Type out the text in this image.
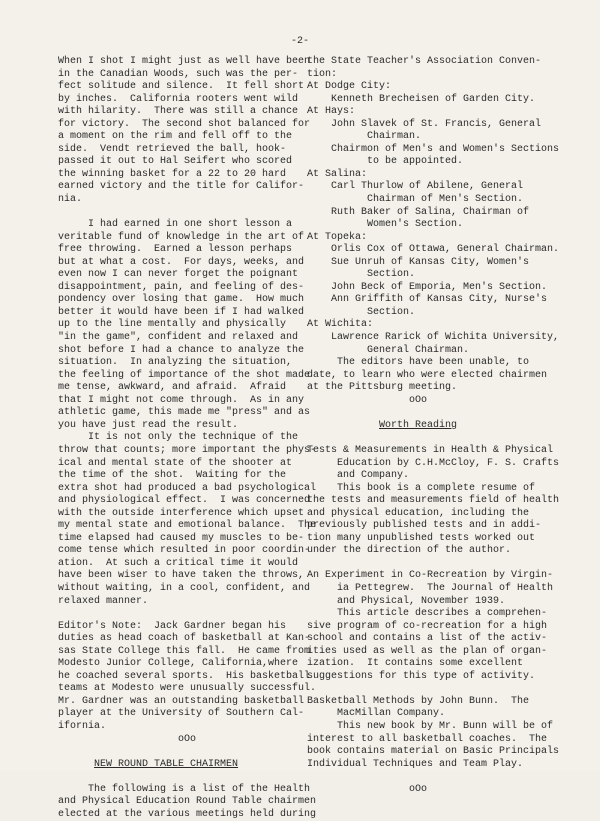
-2-
When I shot I might just as well have been
in the Canadian Woods, such was the per-
fect solitude and silence.  It fell short
by inches.  California rooters went wild
with hilarity.  There was still a chance
for victory.  The second shot balanced for
a moment on the rim and fell off to the
side.  Vendt retrieved the ball, hook-
passed it out to Hal Seifert who scored
the winning basket for a 22 to 20 hard
earned victory and the title for Califor-
nia.
I had earned in one short lesson a
veritable fund of knowledge in the art of
free throwing.  Earned a lesson perhaps
but at what a cost.  For days, weeks, and
even now I can never forget the poignant
disappointment, pain, and feeling of des-
pondency over losing that game.  How much
better it would have been if I had walked
up to the line mentally and physically
"in the game", confident and relaxed and
shot before I had a chance to analyze the
situation.  In analyzing the situation,
the feeling of importance of the shot made
me tense, awkward, and afraid.  Afraid
that I might not come through.  As in any
athletic game, this made me "press" and as
you have just read the result.
It is not only the technique of the
throw that counts; more important the phys-
ical and mental state of the shooter at
the time of the shot.  Waiting for the
extra shot had produced a bad psychological
and physiological effect.  I was concerned
with the outside interference which upset
my mental state and emotional balance.  The
time elapsed had caused my muscles to be-
come tense which resulted in poor coordin-
ation.  At such a critical time it would
have been wiser to have taken the throws,
without waiting, in a cool, confident, and
relaxed manner.
Editor's Note:  Jack Gardner began his
duties as head coach of basketball at Kan-
sas State College this fall.  He came from
Modesto Junior College, California,where
he coached several sports.  His basketball
teams at Modesto were unusually successful.
Mr. Gardner was an outstanding basketball
player at the University of Southern Cal-
ifornia.
oOo
NEW ROUND TABLE CHAIRMEN
The following is a list of the Health
and Physical Education Round Table chairmen
elected at the various meetings held during
the State Teacher's Association Conven-
tion:
At Dodge City:
Kenneth Brecheisen of Garden City.
At Hays:
John Slavek of St. Francis, General
Chairman.
Chairmon of Men's and Women's Sections
to be appointed.
At Salina:
Carl Thurlow of Abilene, General
Chairman of Men's Section.
Ruth Baker of Salina, Chairman of
Women's Section.
At Topeka:
Orlis Cox of Ottawa, General Chairman.
Sue Unruh of Kansas City, Women's
Section.
John Beck of Emporia, Men's Section.
Ann Griffith of Kansas City, Nurse's
Section.
At Wichita:
Lawrence Rarick of Wichita University,
General Chairman.
The editors have been unable, to
date, to learn who were elected chairmen
at the Pittsburg meeting.
oOo
Worth Reading
Tests & Measurements in Health & Physical
Education by C.H.McCloy, F. S. Crafts
and Company.
This book is a complete resume of
the tests and measurements field of health
and physical education, including the
previously published tests and in addi-
tion many unpublished tests worked out
under the direction of the author.
An Experiment in Co-Recreation by Virgin-
ia Pettegrew.  The Journal of Health
and Physical, November 1939.
This article describes a comprehen-
sive program of co-recreation for a high
school and contains a list of the activ-
ities used as well as the plan of organ-
ization.  It contains some excellent
suggestions for this type of activity.
Basketball Methods by John Bunn.  The
MacMillan Company.
This new book by Mr. Bunn will be of
interest to all basketball coaches.  The
book contains material on Basic Principals
Individual Techniques and Team Play.
oOo
